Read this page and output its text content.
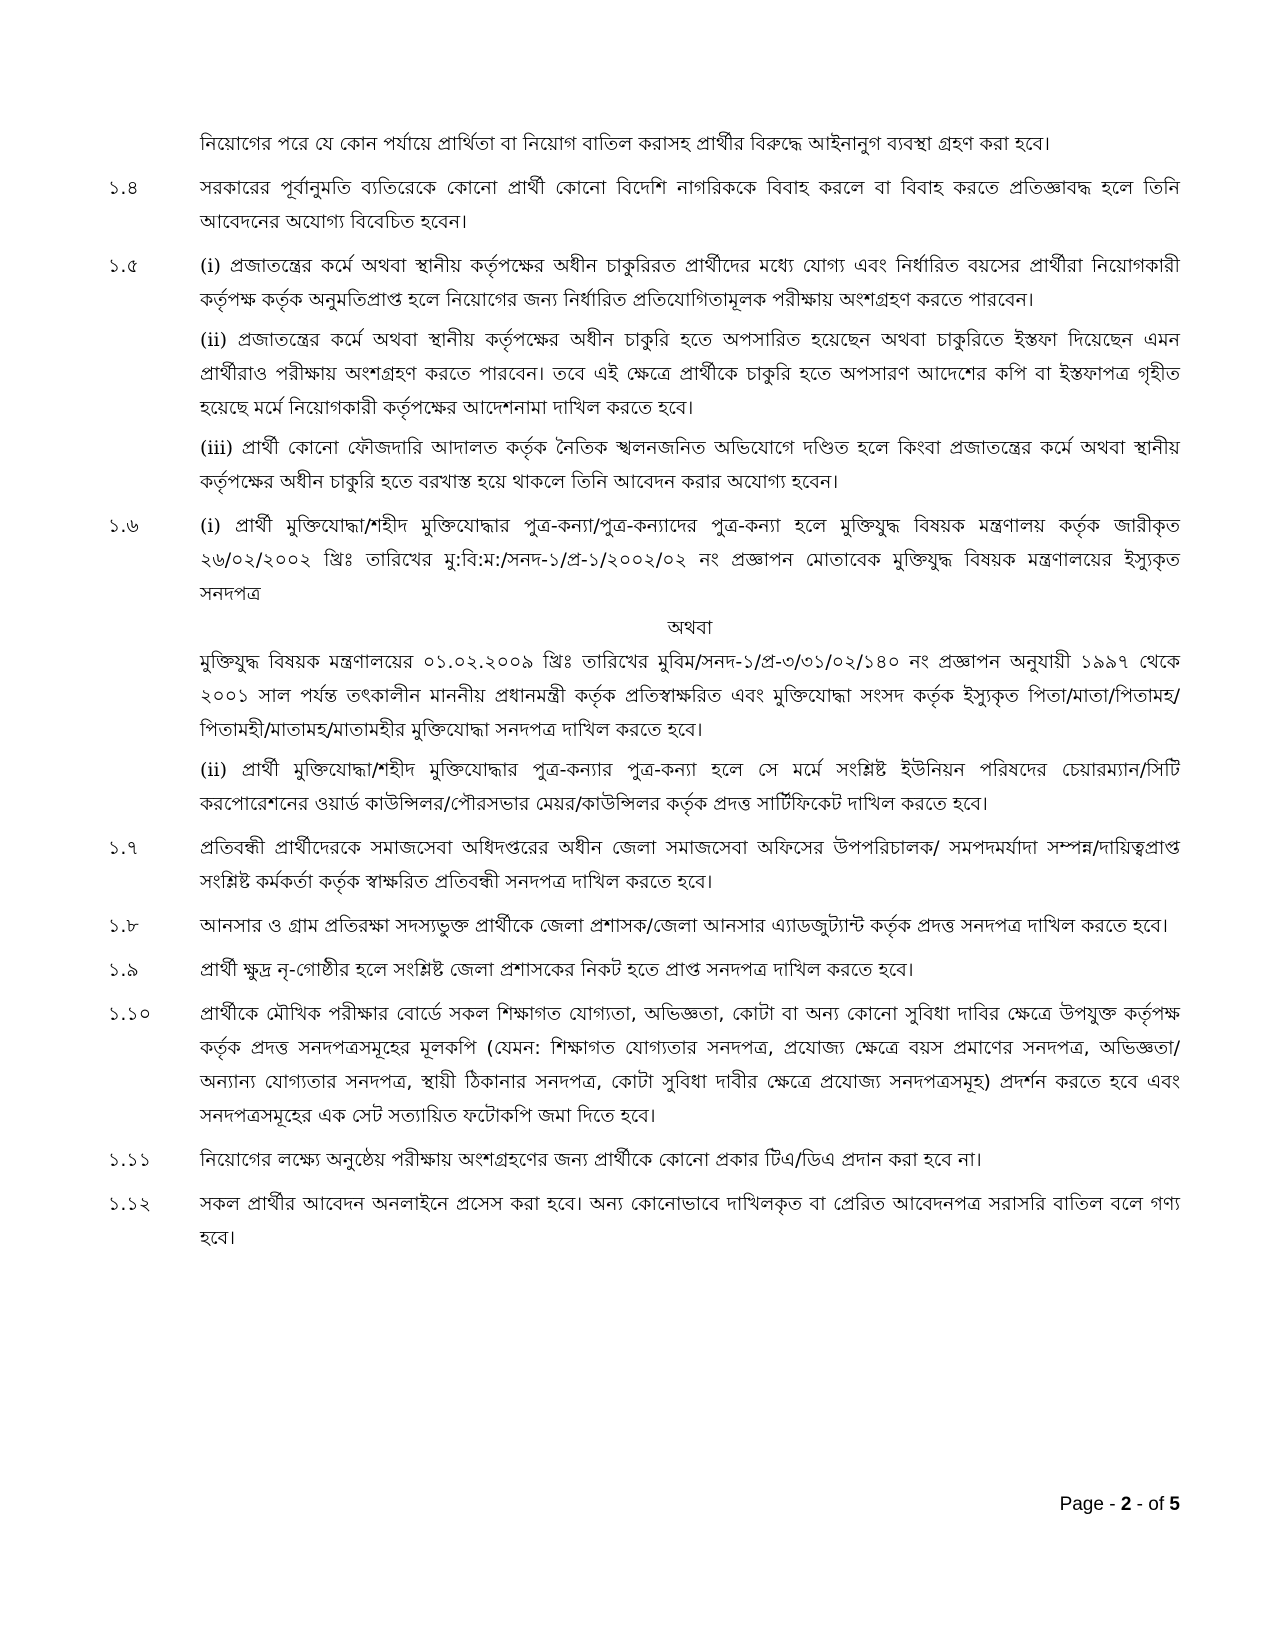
নিয়োগের পরে যে কোন পর্যায়ে প্রার্থিতা বা নিয়োগ বাতিল করাসহ প্রার্থীর বিরুদ্ধে আইনানুগ ব্যবস্থা গ্রহণ করা হবে।

১.৪	সরকারের পূর্বানুমতি ব্যতিরেকে কোনো প্রার্থী কোনো বিদেশি নাগরিককে বিবাহ করলে বা বিবাহ করতে প্রতিজ্ঞাবদ্ধ হলে তিনি আবেদনের অযোগ্য বিবেচিত হবেন।

১.৫	(i) প্রজাতন্ত্রের কর্মে অথবা স্থানীয় কর্তৃপক্ষের অধীন চাকুরিরত প্রার্থীদের মধ্যে যোগ্য এবং নির্ধারিত বয়সের প্রার্থীরা নিয়োগকারী কর্তৃপক্ষ কর্তৃক অনুমতিপ্রাপ্ত হলে নিয়োগের জন্য নির্ধারিত প্রতিযোগিতামূলক পরীক্ষায় অংশগ্রহণ করতে পারবেন।

(ii) প্রজাতন্ত্রের কর্মে অথবা স্থানীয় কর্তৃপক্ষের অধীন চাকুরি হতে অপসারিত হয়েছেন অথবা চাকুরিতে ইস্তফা দিয়েছেন এমন প্রার্থীরাও পরীক্ষায় অংশগ্রহণ করতে পারবেন। তবে এই ক্ষেত্রে প্রার্থীকে চাকুরি হতে অপসারণ আদেশের কপি বা ইস্তফাপত্র গৃহীত হয়েছে মর্মে নিয়োগকারী কর্তৃপক্ষের আদেশনামা দাখিল করতে হবে।

(iii) প্রার্থী কোনো ফৌজদারি আদালত কর্তৃক নৈতিক স্খলনজনিত অভিযোগে দণ্ডিত হলে কিংবা প্রজাতন্ত্রের কর্মে অথবা স্থানীয় কর্তৃপক্ষের অধীন চাকুরি হতে বরখাস্ত হয়ে থাকলে তিনি আবেদন করার অযোগ্য হবেন।

১.৬	(i) প্রার্থী মুক্তিযোদ্ধা/শহীদ মুক্তিযোদ্ধার পুত্র-কন্যা/পুত্র-কন্যাদের পুত্র-কন্যা হলে মুক্তিযুদ্ধ বিষয়ক মন্ত্রণালয় কর্তৃক জারীকৃত ২৬/০২/২০০২ খ্রিঃ তারিখের মু:বি:ম:/সনদ-১/প্র-১/২০০২/০২ নং প্রজ্ঞাপন মোতাবেক মুক্তিযুদ্ধ বিষয়ক মন্ত্রণালয়ের ইস্যুকৃত সনদপত্র

অথবা

মুক্তিযুদ্ধ বিষয়ক মন্ত্রণালয়ের ০১.০২.২০০৯ খ্রিঃ তারিখের মুবিম/সনদ-১/প্র-৩/৩১/০২/১৪০ নং প্রজ্ঞাপন অনুযায়ী ১৯৯৭ থেকে ২০০১ সাল পর্যন্ত তৎকালীন মাননীয় প্রধানমন্ত্রী কর্তৃক প্রতিস্বাক্ষরিত এবং মুক্তিযোদ্ধা সংসদ কর্তৃক ইস্যুকৃত পিতা/মাতা/পিতামহ/পিতামহী/মাতামহ/মাতামহীর মুক্তিযোদ্ধা সনদপত্র দাখিল করতে হবে।

(ii) প্রার্থী মুক্তিযোদ্ধা/শহীদ মুক্তিযোদ্ধার পুত্র-কন্যার পুত্র-কন্যা হলে সে মর্মে সংশ্লিষ্ট ইউনিয়ন পরিষদের চেয়ারম্যান/সিটি করপোরেশনের ওয়ার্ড কাউন্সিলর/পৌরসভার মেয়র/কাউন্সিলর কর্তৃক প্রদত্ত সার্টিফিকেট দাখিল করতে হবে।

১.৭	প্রতিবন্ধী প্রার্থীদেরকে সমাজসেবা অধিদপ্তরের অধীন জেলা সমাজসেবা অফিসের উপপরিচালক/ সমপদমর্যাদা সম্পন্ন/দায়িত্বপ্রাপ্ত সংশ্লিষ্ট কর্মকর্তা কর্তৃক স্বাক্ষরিত প্রতিবন্ধী সনদপত্র দাখিল করতে হবে।

১.৮	আনসার ও গ্রাম প্রতিরক্ষা সদস্যভুক্ত প্রার্থীকে জেলা প্রশাসক/জেলা আনসার এ্যাডজুট্যান্ট কর্তৃক প্রদত্ত সনদপত্র দাখিল করতে হবে।

১.৯	প্রার্থী ক্ষুদ্র নৃ-গোষ্ঠীর হলে সংশ্লিষ্ট জেলা প্রশাসকের নিকট হতে প্রাপ্ত সনদপত্র দাখিল করতে হবে।

১.১০	প্রার্থীকে মৌখিক পরীক্ষার বোর্ডে সকল শিক্ষাগত যোগ্যতা, অভিজ্ঞতা, কোটা বা অন্য কোনো সুবিধা দাবির ক্ষেত্রে উপযুক্ত কর্তৃপক্ষ কর্তৃক প্রদত্ত সনদপত্রসমূহের মূলকপি (যেমন: শিক্ষাগত যোগ্যতার সনদপত্র, প্রযোজ্য ক্ষেত্রে বয়স প্রমাণের সনদপত্র, অভিজ্ঞতা/অন্যান্য যোগ্যতার সনদপত্র, স্থায়ী ঠিকানার সনদপত্র, কোটা সুবিধা দাবীর ক্ষেত্রে প্রযোজ্য সনদপত্রসমূহ) প্রদর্শন করতে হবে এবং সনদপত্রসমূহের এক সেট সত্যায়িত ফটোকপি জমা দিতে হবে।

১.১১	নিয়োগের লক্ষ্যে অনুষ্ঠেয় পরীক্ষায় অংশগ্রহণের জন্য প্রার্থীকে কোনো প্রকার টিএ/ডিএ প্রদান করা হবে না।

১.১২	সকল প্রার্থীর আবেদন অনলাইনে প্রসেস করা হবে। অন্য কোনোভাবে দাখিলকৃত বা প্রেরিত আবেদনপত্র সরাসরি বাতিল বলে গণ্য হবে।

Page - 2 - of 5
